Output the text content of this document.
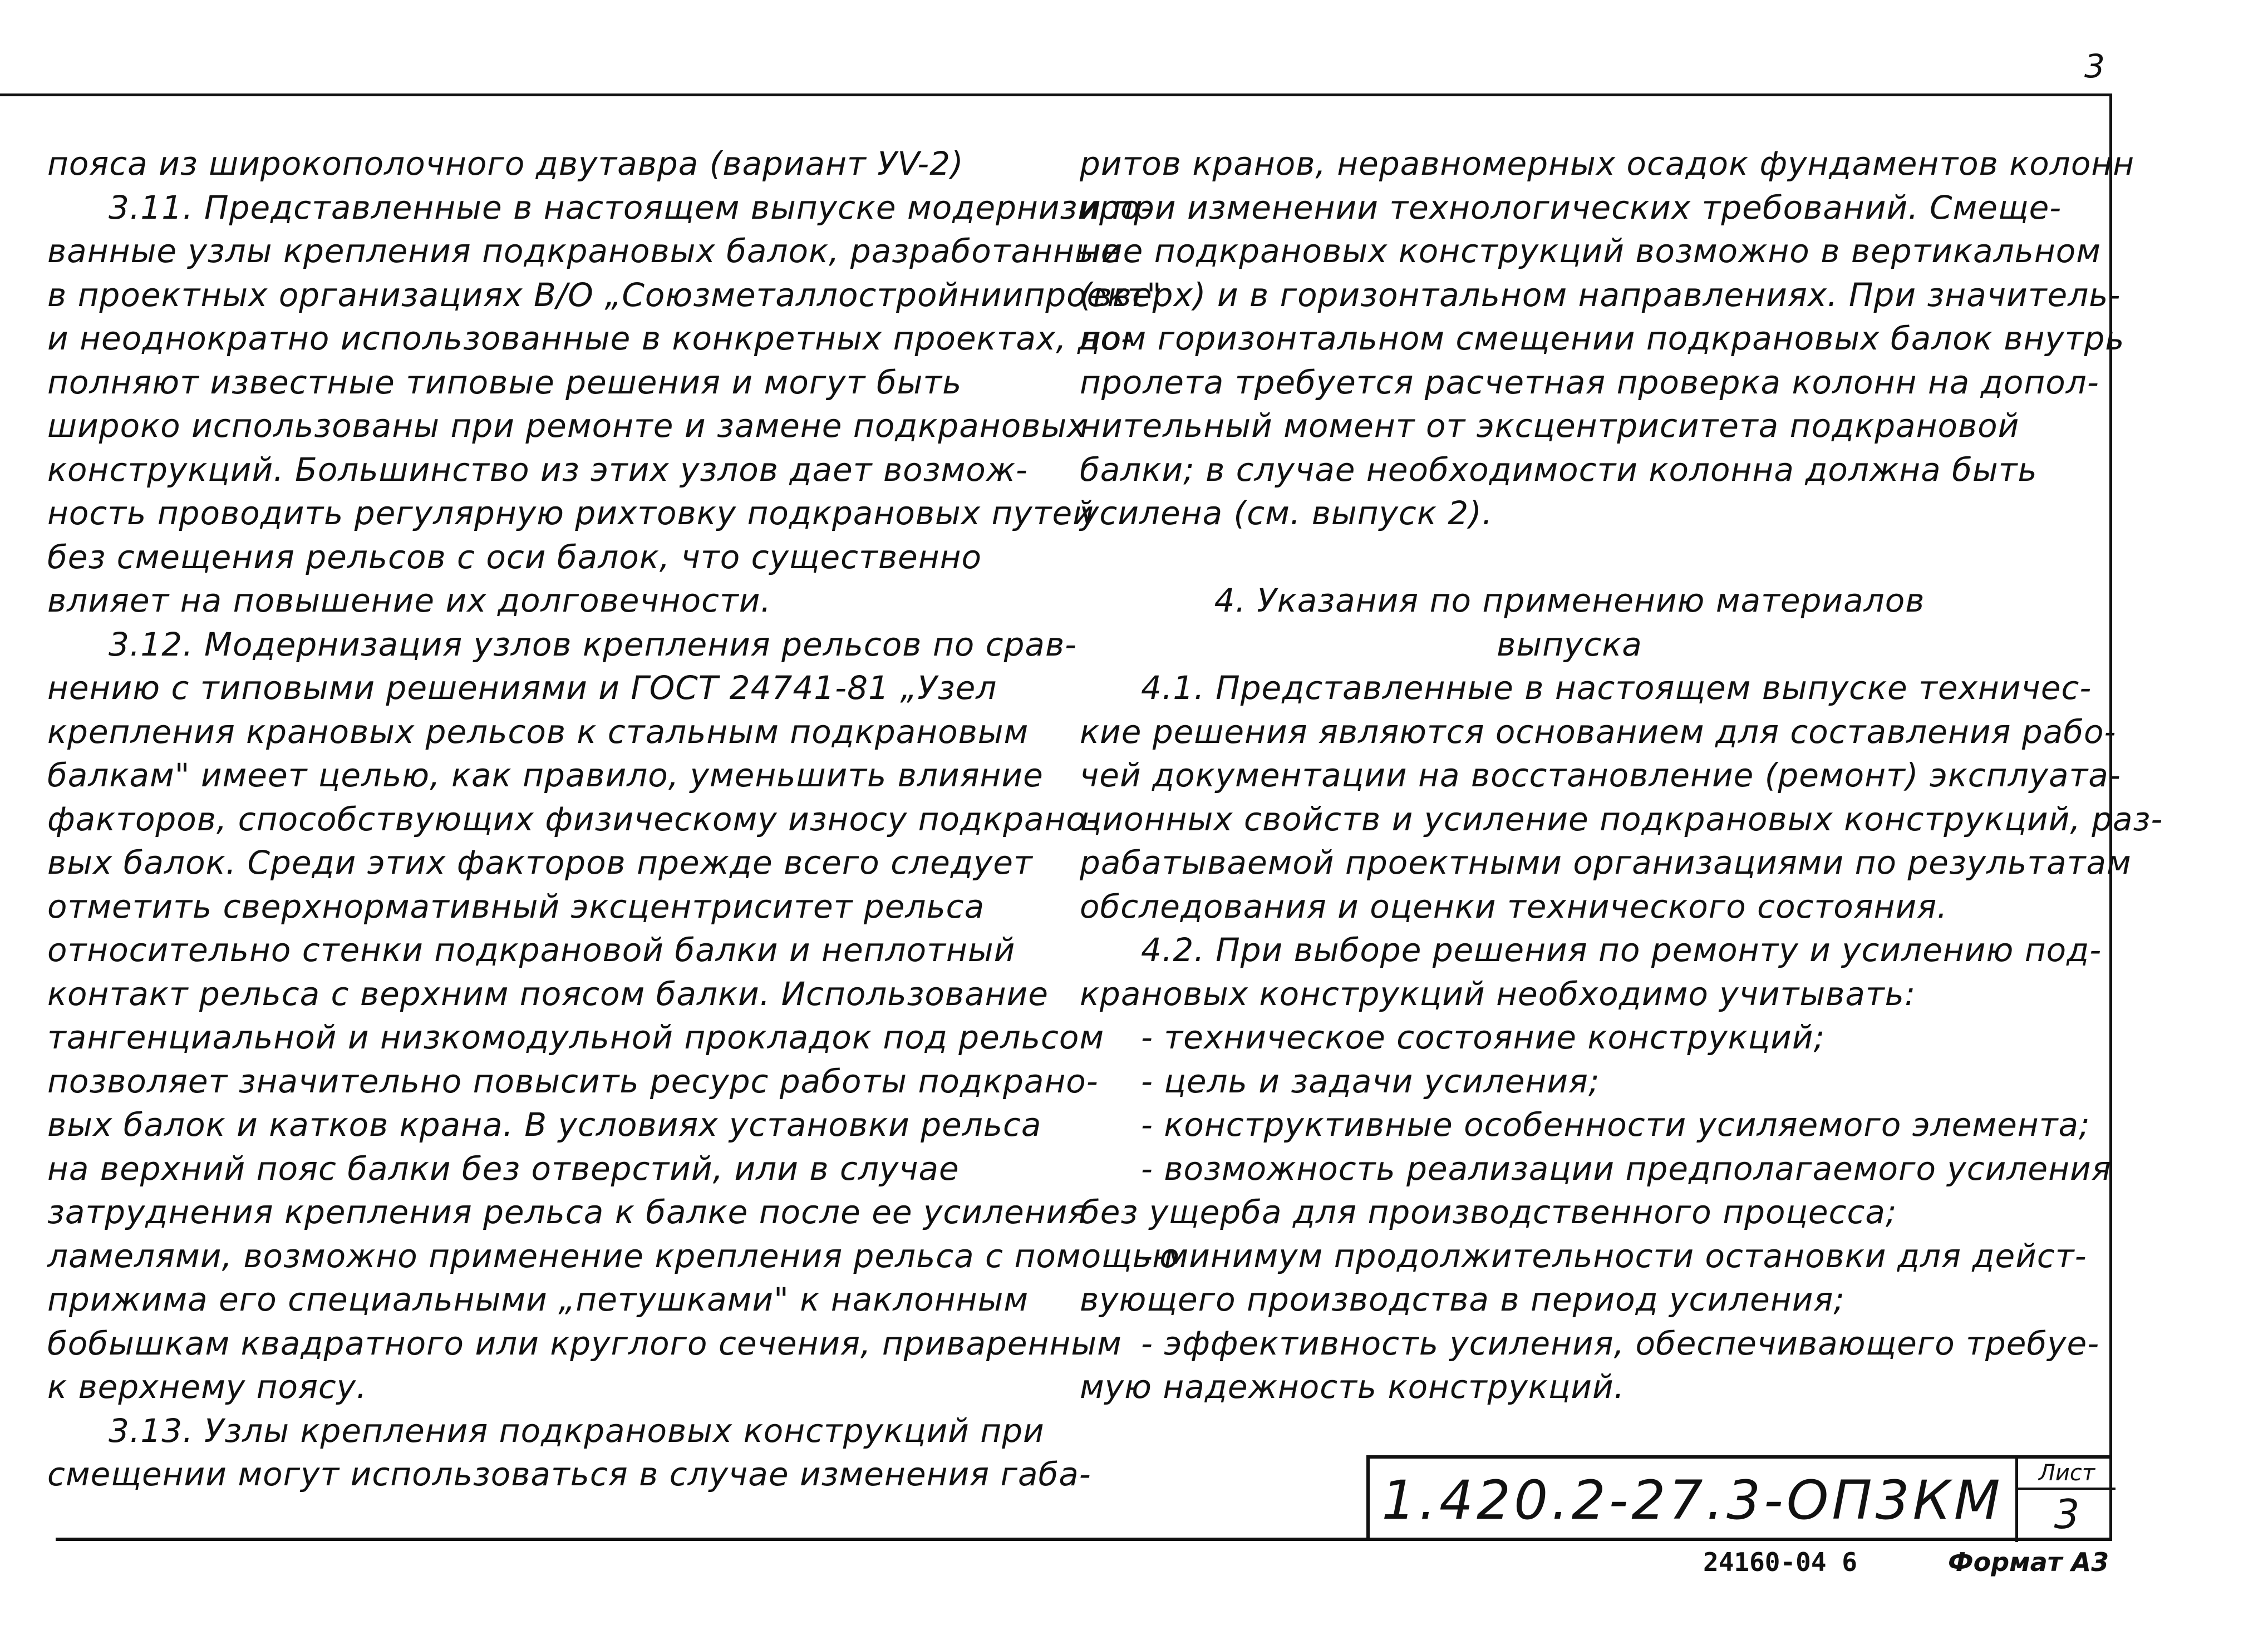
3
пояса из широкополочного двутавра (вариант УV-2)
3.11. Представленные в настоящем выпуске модернизиро-
ванные узлы крепления подкрановых балок, разработанные
в проектных организациях В/О „Союзметаллостройниипроект"
и неоднократно использованные в конкретных проектах, до-
полняют известные типовые решения и могут быть
широко использованы при ремонте и замене подкрановых
конструкций. Большинство из этих узлов дает возмож-
ность проводить регулярную рихтовку подкрановых путей
без смещения рельсов с оси балок, что существенно
влияет на повышение их долговечности.
3.12. Модернизация узлов крепления рельсов по срав-
нению с типовыми решениями и ГОСТ 24741-81 „Узел
крепления крановых рельсов к стальным подкрановым
балкам" имеет целью, как правило, уменьшить влияние
факторов, способствующих физическому износу подкрано-
вых балок. Среди этих факторов прежде всего следует
отметить сверхнормативный эксцентриситет рельса
относительно стенки подкрановой балки и неплотный
контакт рельса с верхним поясом балки. Использование
тангенциальной и низкомодульной прокладок под рельсом
позволяет значительно повысить ресурс работы подкрано-
вых балок и катков крана. В условиях установки рельса
на верхний пояс балки без отверстий, или в случае
затруднения крепления рельса к балке после ее усиления
ламелями, возможно применение крепления рельса с помощью
прижима его специальными „петушками" к наклонным
бобышкам квадратного или круглого сечения, приваренным
к верхнему поясу.
3.13. Узлы крепления подкрановых конструкций при
смещении могут использоваться в случае изменения габа-
ритов кранов, неравномерных осадок фундаментов колонн
и при изменении технологических требований. Смеще-
ние подкрановых конструкций возможно в вертикальном
(вверх) и в горизонтальном направлениях. При значитель-
ном горизонтальном смещении подкрановых балок внутрь
пролета требуется расчетная проверка колонн на допол-
нительный момент от эксцентриситета подкрановой
балки; в случае необходимости колонна должна быть
усилена (см. выпуск 2).

4. Указания по применению материалов
выпуска
4.1. Представленные в настоящем выпуске техничес-
кие решения являются основанием для составления рабо-
чей документации на восстановление (ремонт) эксплуата-
ционных свойств и усиление подкрановых конструкций, раз-
рабатываемой проектными организациями по результатам
обследования и оценки технического состояния.
4.2. При выборе решения по ремонту и усилению под-
крановых конструкций необходимо учитывать:
- техническое состояние конструкций;
- цель и задачи усиления;
- конструктивные особенности усиляемого элемента;
- возможность реализации предполагаемого усиления
без ущерба для производственного процесса;
- минимум продолжительности остановки для дейст-
вующего производства в период усиления;
- эффективность усиления, обеспечивающего требуе-
мую надежность конструкций.
1.420.2-27.3-ОП3КМ	Лист
3
24160-04 6	Формат А3
